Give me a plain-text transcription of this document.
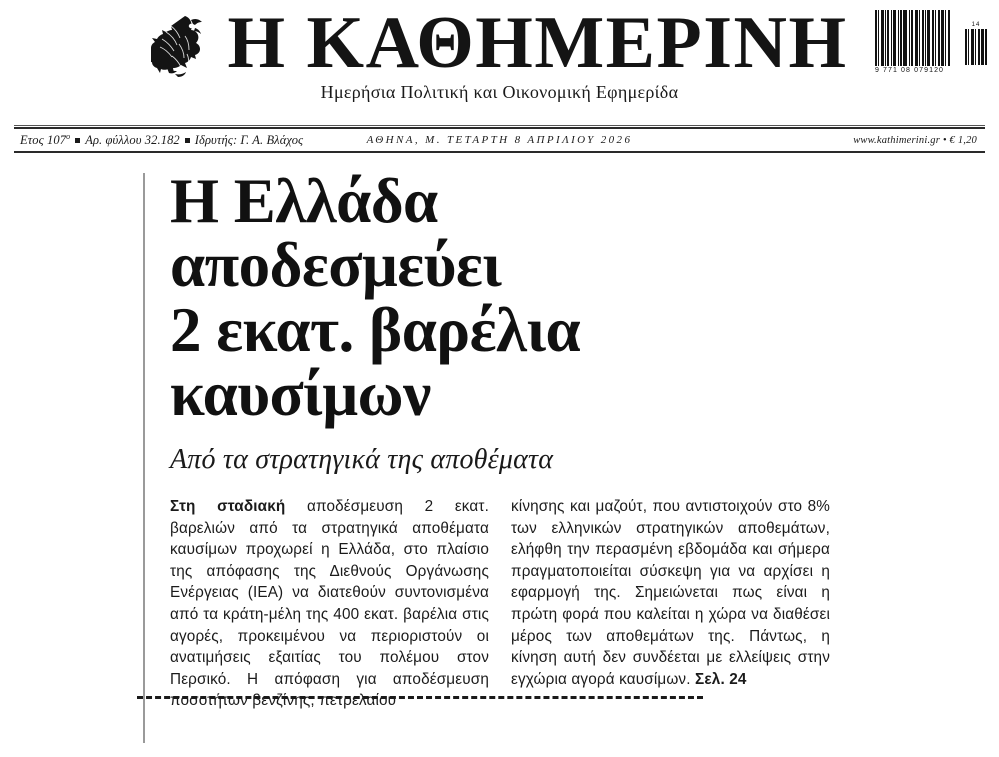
Η ΚΑΘΗΜΕΡΙΝΗ	9 771 08 079120
14
Ημερήσια Πολιτική και Οικονομική Εφημερίδα
Ετος $107^o$ Αρ. φύλλου 32.182 Ιδρυτής: Γ. Α. Βλάχος	ΑΘΗΝΑ, Μ. ΤΕΤΑΡΤΗ 8 ΑΠΡΙΛΙΟΥ 2026	www.kathimerini.gr • € 1,20
Η Ελλάδα
αποδεσμεύει
2 εκατ. βαρέλια
καυσίμων
Από τα στρατηγικά της αποθέματα
Στη σταδιακή αποδέσμευση 2 εκατ. βαρελιών από τα στρατηγικά αποθέματα καυσίμων προχωρεί η Ελλάδα, στο πλαίσιο της απόφασης της Διεθνούς Οργάνωσης Ενέργειας (ΙΕΑ) να διατεθούν συντονισμένα από τα κράτη-μέλη της 400 εκατ. βαρέλια στις αγορές, προκειμένου να περιοριστούν οι ανατιμήσεις εξαιτίας του πολέμου στον Περσικό. Η απόφαση για αποδέσμευση ποσοτήτων βενζίνης, πετρελαίου
κίνησης και μαζούτ, που αντιστοιχούν στο 8% των ελληνικών στρατηγικών αποθεμάτων, ελήφθη την περασμένη εβδομάδα και σήμερα πραγματοποιείται σύσκεψη για να αρχίσει η εφαρμογή της. Σημειώνεται πως είναι η πρώτη φορά που καλείται η χώρα να διαθέσει μέρος των αποθεμάτων της. Πάντως, η κίνηση αυτή δεν συνδέεται με ελλείψεις στην εγχώρια αγορά καυσίμων. Σελ. 24
